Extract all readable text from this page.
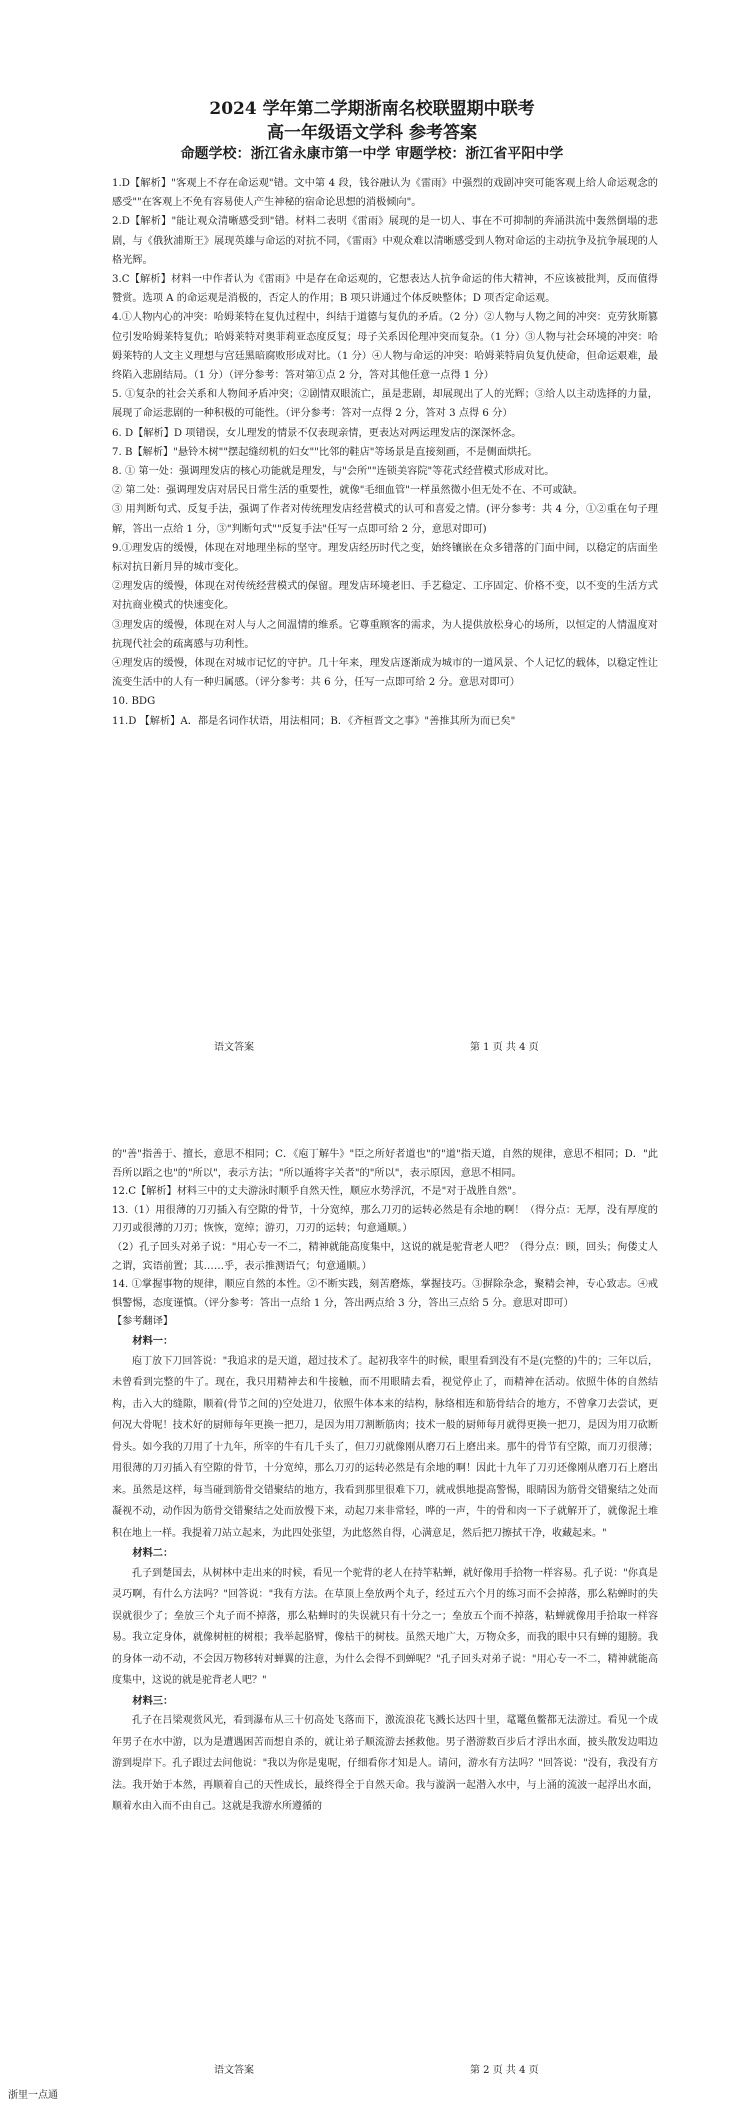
2024 学年第二学期浙南名校联盟期中联考
高一年级语文学科 参考答案
命题学校：浙江省永康市第一中学 审题学校：浙江省平阳中学

1.D【解析】"客观上不存在命运观"错。文中第 4 段，钱谷融认为《雷雨》中强烈的戏剧冲突可能客观上给人命运观念的感受""在客观上不免有容易使人产生神秘的宿命论思想的消极倾向"。

2.D【解析】"能让观众清晰感受到"错。材料二表明《雷雨》展现的是一切人、事在不可抑制的奔涌洪流中轰然倒塌的悲剧，与《俄狄浦斯王》展现英雄与命运的对抗不同，《雷雨》中观众难以清晰感受到人物对命运的主动抗争及抗争展现的人格光辉。

3.C【解析】材料一中作者认为《雷雨》中是存在命运观的，它想表达人抗争命运的伟大精神，不应该被批判，反而值得赞赏。选项 A 的命运观是消极的，否定人的作用；B 项只讲通过个体反映整体；D 项否定命运观。

4.①人物内心的冲突：哈姆莱特在复仇过程中，纠结于道德与复仇的矛盾。（2 分）②人物与人物之间的冲突：克劳狄斯篡位引发哈姆莱特复仇；哈姆莱特对奥菲莉亚态度反复；母子关系因伦理冲突而复杂。（1 分）③人物与社会环境的冲突：哈姆莱特的人文主义理想与宫廷黑暗腐败形成对比。（1 分）④人物与命运的冲突：哈姆莱特肩负复仇使命，但命运艰难，最终陷入悲剧结局。（1 分）（评分参考：答对第①点 2 分，答对其他任意一点得 1 分）

5. ①复杂的社会关系和人物间矛盾冲突；②剧情双眼流亡，虽是悲剧，却展现出了人的光辉；③给人以主动选择的力量，展现了命运悲剧的一种积极的可能性。（评分参考：答对一点得 2 分，答对 3 点得 6 分）

6. D【解析】D 项错误，女儿理发的情景不仅表现亲情，更表达对两运理发店的深深怀念。

7. B【解析】"悬铃木树""摆起缝纫机的妇女""比邻的鞋店"等场景是直接刻画，不是侧面烘托。

8. ① 第一处：强调理发店的核心功能就是理发，与"会所""连锁美容院"等花式经营模式形成对比。

② 第二处：强调理发店对居民日常生活的重要性，就像"毛细血管"一样虽然微小但无处不在、不可或缺。

③ 用判断句式、反复手法，强调了作者对传统理发店经营模式的认可和喜爱之情。(评分参考：共 4 分，①②重在句子理解，答出一点给 1 分，③"判断句式""反复手法"任写一点即可给 2 分，意思对即可)

9.①理发店的缓慢，体现在对地理坐标的坚守。理发店经历时代之变，始终镶嵌在众多错落的门面中间，以稳定的店面坐标对抗日新月异的城市变化。

②理发店的缓慢，体现在对传统经营模式的保留。理发店环境老旧、手艺稳定、工序固定、价格不变，以不变的生活方式对抗商业模式的快速变化。

③理发店的缓慢，体现在对人与人之间温情的维系。它尊重顾客的需求，为人提供放松身心的场所，以恒定的人情温度对抗现代社会的疏离感与功利性。

④理发店的缓慢，体现在对城市记忆的守护。几十年来，理发店逐渐成为城市的一道风景、个人记忆的载体，以稳定性让流变生活中的人有一种归属感。（评分参考：共 6 分，任写一点即可给 2 分。意思对即可）

10. BDG

11.D 【解析】A．都是名词作状语，用法相同；B．《齐桓晋文之事》"善推其所为而已矣"

语文答案	第 1 页 共 4 页

的"善"指善于、擅长，意思不相同；C．《庖丁解牛》"臣之所好者道也"的"道"指天道，自然的规律，意思不相同；D．"此吾所以蹈之也"的"所以"，表示方法；"所以遁将字关者"的"所以"，表示原因，意思不相同。

12.C【解析】材料三中的丈夫游泳时顺乎自然天性，顺应水势浮沉，不是"对于战胜自然"。

13.（1）用很薄的刀刃插入有空隙的骨节，十分宽绰，那么刀刃的运转必然是有余地的啊！（得分点：无厚，没有厚度的刀刃或很薄的刀刃；恢恢，宽绰；游刃，刀刃的运转；句意通顺。）

（2）孔子回头对弟子说："用心专一不二，精神就能高度集中，这说的就是驼背老人吧？（得分点：顾，回头；佝偻丈人之谓，宾语前置；其……乎，表示推测语气；句意通顺。）

14. ①掌握事物的规律，顺应自然的本性。②不断实践，刻苦磨炼，掌握技巧。③摒除杂念，聚精会神，专心致志。④戒惧警惕，态度谨慎。（评分参考：答出一点给 1 分，答出两点给 3 分，答出三点给 5 分。意思对即可）

【参考翻译】

材料一：

庖丁放下刀回答说："我追求的是天道，超过技术了。起初我宰牛的时候，眼里看到没有不是(完整的)牛的；三年以后，未曾看到完整的牛了。现在，我只用精神去和牛接触，而不用眼睛去看，视觉停止了，而精神在活动。依照牛体的自然结构，击入大的缝隙，顺着(骨节之间的)空处进刀，依照牛体本来的结构，脉络相连和筋骨结合的地方，不曾拿刀去尝试，更何况大骨呢！技术好的厨师每年更换一把刀，是因为用刀割断筋肉；技术一般的厨师每月就得更换一把刀，是因为用刀砍断骨头。如今我的刀用了十九年，所宰的牛有几千头了，但刀刃就像刚从磨刀石上磨出来。那牛的骨节有空隙，而刀刃很薄；用很薄的刀刃插入有空隙的骨节，十分宽绰，那么刀刃的运转必然是有余地的啊！因此十九年了刀刃还像刚从磨刀石上磨出来。虽然是这样，每当碰到筋骨交错聚结的地方，我看到那里很难下刀，就戒惧地提高警惕，眼睛因为筋骨交错聚结之处而凝视不动，动作因为筋骨交错聚结之处而放慢下来，动起刀来非常轻，哗的一声，牛的骨和肉一下子就解开了，就像泥土堆积在地上一样。我提着刀站立起来，为此四处张望，为此悠然自得，心满意足，然后把刀擦拭干净，收藏起来。"

材料二：

孔子到楚国去，从树林中走出来的时候，看见一个驼背的老人在持竿粘蝉，就好像用手拾物一样容易。孔子说："你真是灵巧啊，有什么方法吗？"回答说："我有方法。在草顶上垒放两个丸子，经过五六个月的练习而不会掉落，那么粘蝉时的失误就很少了；垒放三个丸子而不掉落，那么粘蝉时的失误就只有十分之一；垒放五个而不掉落，粘蝉就像用手拾取一样容易。我立定身体，就像树桩的树根；我举起胳臂，像枯干的树枝。虽然天地广大，万物众多，而我的眼中只有蝉的翅膀。我的身体一动不动，不会因万物移转对蝉翼的注意，为什么会得不到蝉呢？"孔子回头对弟子说："用心专一不二，精神就能高度集中，这说的就是驼背老人吧？"

材料三：

孔子在吕梁观赏风光，看到瀑布从三十仞高处飞落而下，激流浪花飞溅长达四十里，鼋鼍鱼鳖都无法游过。看见一个成年男子在水中游，以为是遭遇困苦而想自杀的，就让弟子顺流游去拯救他。男子潜游数百步后才浮出水面，披头散发边唱边游到堤岸下。孔子跟过去问他说："我以为你是鬼呢，仔细看你才知是人。请问，游水有方法吗？"回答说："没有，我没有方法。我开始于本然，再顺着自己的天性成长，最终得全于自然天命。我与漩涡一起潜入水中，与上涌的流波一起浮出水面，顺着水由入而不由自己。这就是我游水所遵循的

语文答案	第 2 页 共 4 页
浙里一点通
